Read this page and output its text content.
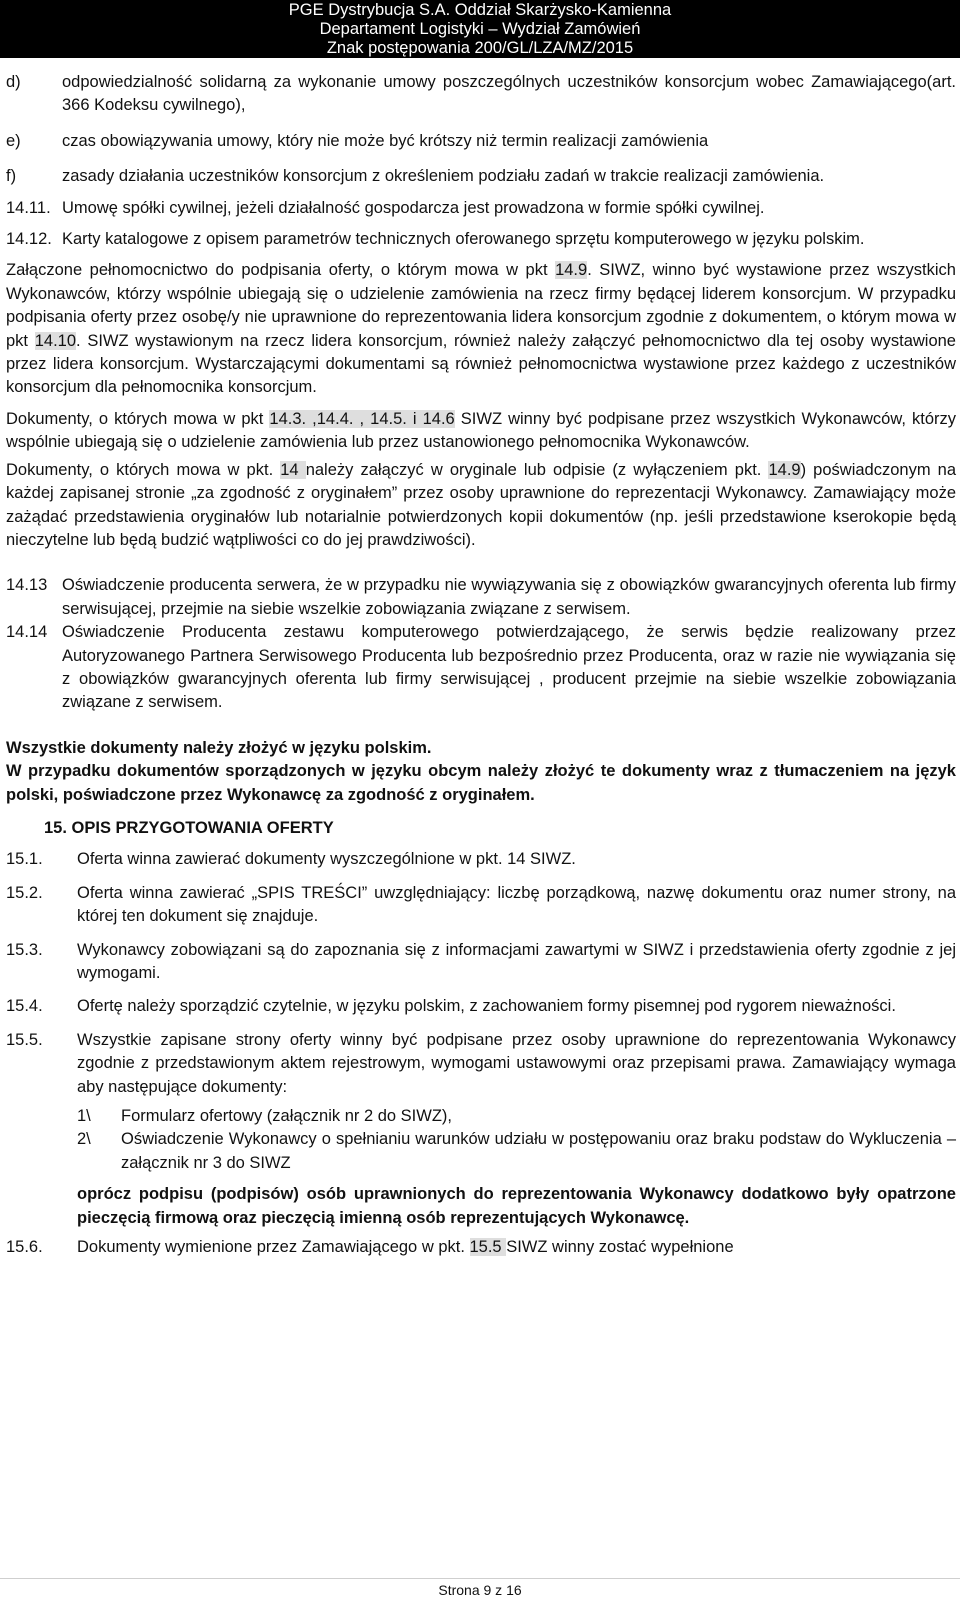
PGE Dystrybucja S.A. Oddział Skarżysko-Kamienna
Departament Logistyki – Wydział Zamówień
Znak postępowania 200/GL/LZA/MZ/2015
d)	odpowiedzialność solidarną za wykonanie umowy poszczególnych uczestników konsorcjum wobec Zamawiającego(art. 366 Kodeksu cywilnego),
e)	czas obowiązywania umowy, który nie może być krótszy niż termin realizacji zamówienia
f)	zasady działania uczestników konsorcjum z określeniem podziału zadań w trakcie realizacji zamówienia.
14.11. Umowę spółki cywilnej, jeżeli działalność gospodarcza jest prowadzona w formie spółki cywilnej.
14.12. Karty katalogowe z opisem parametrów technicznych oferowanego sprzętu komputerowego w języku polskim.

Załączone pełnomocnictwo do podpisania oferty, o którym mowa w pkt 14.9. SIWZ, winno być wystawione przez wszystkich Wykonawców, którzy wspólnie ubiegają się o udzielenie zamówienia na rzecz firmy będącej liderem konsorcjum. W przypadku podpisania oferty przez osobę/y nie uprawnione do reprezentowania lidera konsorcjum zgodnie z dokumentem, o którym mowa w pkt 14.10. SIWZ wystawionym na rzecz lidera konsorcjum, również należy załączyć pełnomocnictwo dla tej osoby wystawione przez lidera konsorcjum. Wystarczającymi dokumentami są również pełnomocnictwa wystawione przez każdego z uczestników konsorcjum dla pełnomocnika konsorcjum.

Dokumenty, o których mowa w pkt 14.3. ,14.4. , 14.5. i 14.6 SIWZ winny być podpisane przez wszystkich Wykonawców, którzy wspólnie ubiegają się o udzielenie zamówienia lub przez ustanowionego pełnomocnika Wykonawców.

Dokumenty, o których mowa w pkt. 14 należy załączyć w oryginale lub odpisie (z wyłączeniem pkt. 14.9) poświadczonym na każdej zapisanej stronie „za zgodność z oryginałem” przez osoby uprawnione do reprezentacji Wykonawcy. Zamawiający może zażądać przedstawienia oryginałów lub notarialnie potwierdzonych kopii dokumentów (np. jeśli przedstawione kserokopie będą nieczytelne lub będą budzić wątpliwości co do jej prawdziwości).

14.13 Oświadczenie producenta serwera, że w przypadku nie wywiązywania się z obowiązków gwarancyjnych oferenta lub firmy serwisującej, przejmie na siebie wszelkie zobowiązania związane z serwisem.
14.14 Oświadczenie Producenta zestawu komputerowego potwierdzającego, że serwis będzie realizowany przez Autoryzowanego Partnera Serwisowego Producenta lub bezpośrednio przez Producenta, oraz w razie nie wywiązania się z obowiązków gwarancyjnych oferenta lub firmy serwisującej , producent przejmie na siebie wszelkie zobowiązania związane z serwisem.

Wszystkie dokumenty należy złożyć w języku polskim.

W przypadku dokumentów sporządzonych w języku obcym należy złożyć te dokumenty wraz z tłumaczeniem na język polski, poświadczone przez Wykonawcę za zgodność z oryginałem.

15. OPIS PRZYGOTOWANIA OFERTY
15.1.	Oferta winna zawierać dokumenty wyszczególnione w pkt. 14 SIWZ.
15.2.	Oferta winna zawierać „SPIS TREŚCI” uwzględniający: liczbę porządkową, nazwę dokumentu oraz numer strony, na której ten dokument się znajduje.
15.3.	Wykonawcy zobowiązani są do zapoznania się z informacjami zawartymi w SIWZ i przedstawienia oferty zgodnie z jej wymogami.
15.4.	Ofertę należy sporządzić czytelnie, w języku polskim, z zachowaniem formy pisemnej pod rygorem nieważności.
15.5.	Wszystkie zapisane strony oferty winny być podpisane przez osoby uprawnione do reprezentowania Wykonawcy zgodnie z przedstawionym aktem rejestrowym, wymogami ustawowymi oraz przepisami prawa. Zamawiający wymaga aby następujące dokumenty:
1\	Formularz ofertowy (załącznik nr 2 do SIWZ),
2\	Oświadczenie Wykonawcy o spełnianiu warunków udziału w postępowaniu oraz braku podstaw do Wykluczenia – załącznik nr 3 do SIWZ
oprócz podpisu (podpisów) osób uprawnionych do reprezentowania Wykonawcy dodatkowo były opatrzone pieczęcią firmową oraz pieczęcią imienną osób reprezentujących Wykonawcę.
15.6.	Dokumenty wymienione przez Zamawiającego w pkt. 15.5 SIWZ winny zostać wypełnione
Strona 9 z 16
